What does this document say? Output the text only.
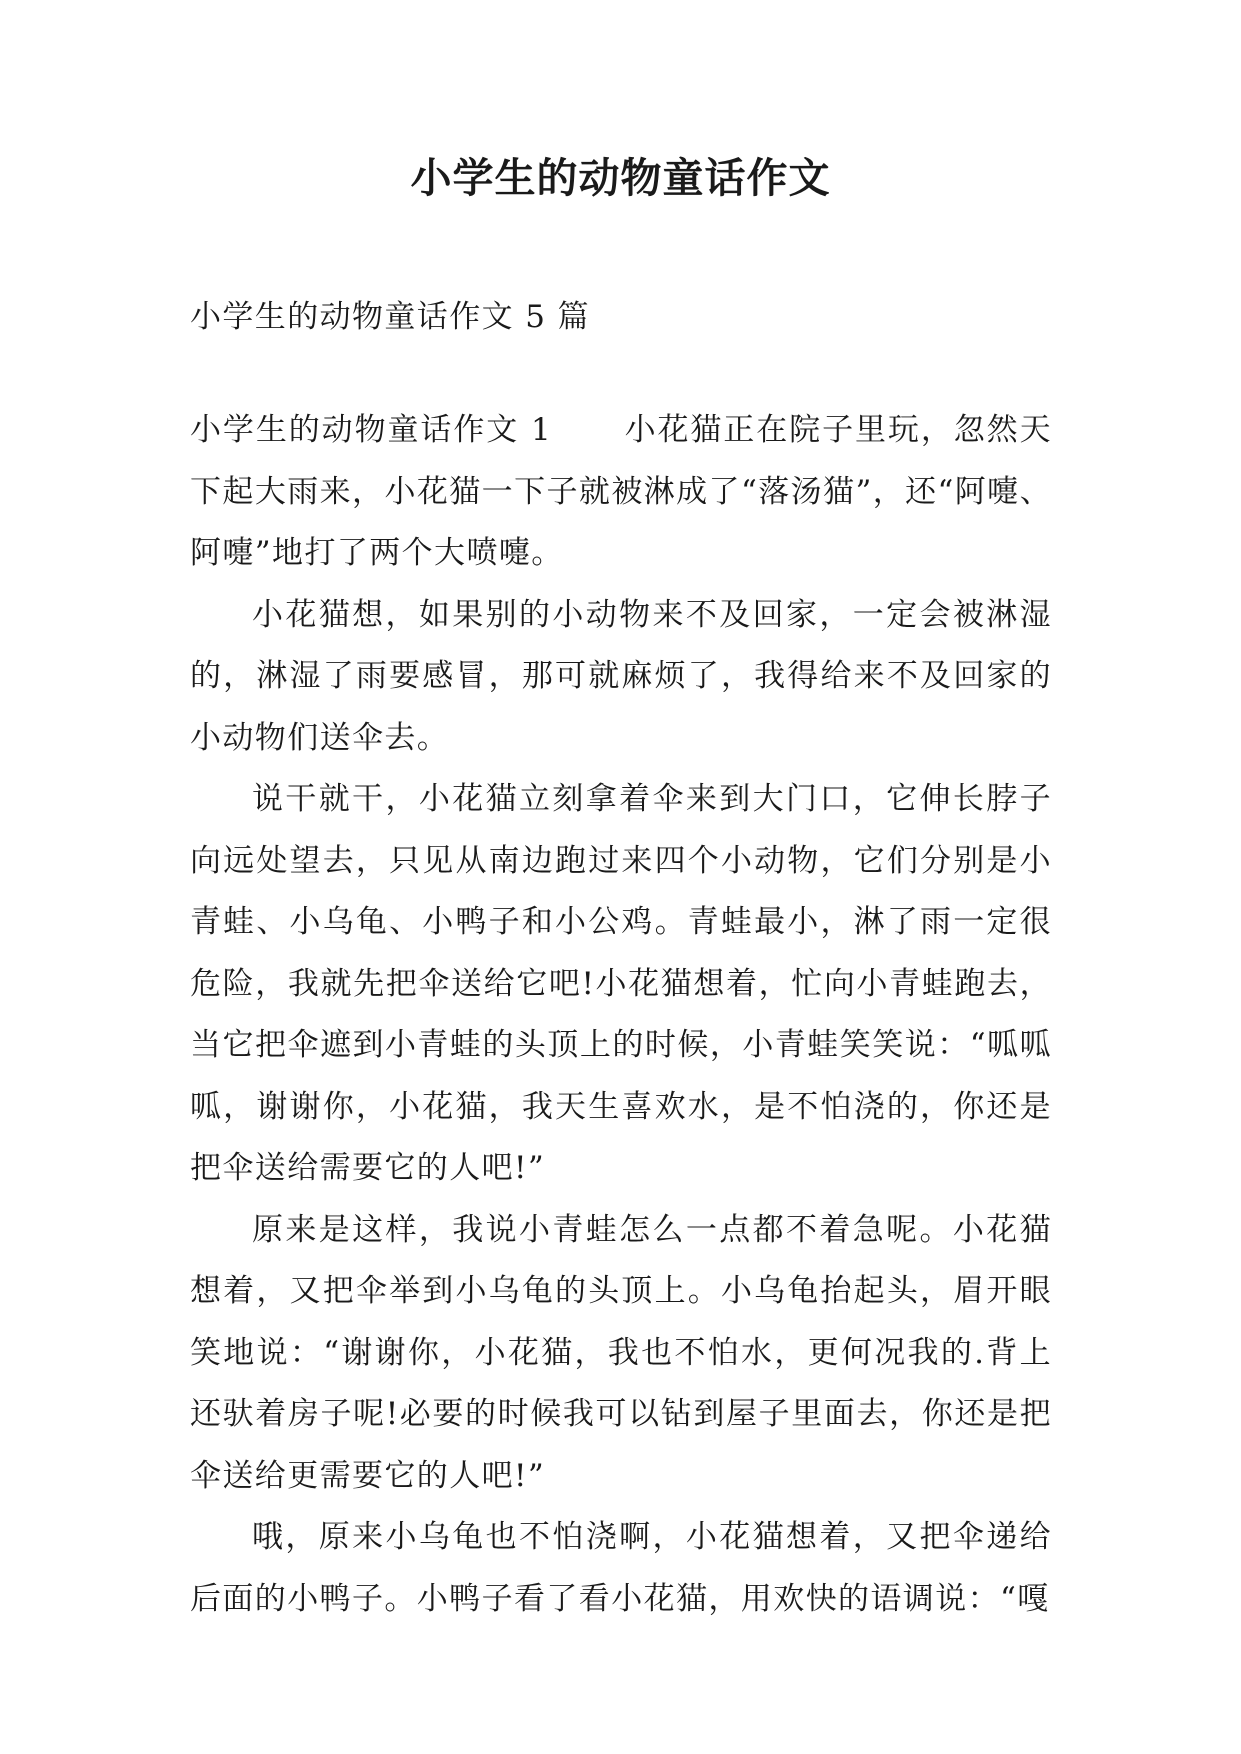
小学生的动物童话作文

小学生的动物童话作文 5 篇

小学生的动物童话作文 1 小花猫正在院子里玩，忽然天下起大雨来，小花猫一下子就被淋成了“落汤猫”，还“阿嚏、阿嚏”地打了两个大喷嚏。

小花猫想，如果别的小动物来不及回家，一定会被淋湿的，淋湿了雨要感冒，那可就麻烦了，我得给来不及回家的小动物们送伞去。

说干就干，小花猫立刻拿着伞来到大门口，它伸长脖子向远处望去，只见从南边跑过来四个小动物，它们分别是小青蛙、小乌龟、小鸭子和小公鸡。青蛙最小，淋了雨一定很危险，我就先把伞送给它吧!小花猫想着，忙向小青蛙跑去，当它把伞遮到小青蛙的头顶上的时候，小青蛙笑笑说：“呱呱呱，谢谢你，小花猫，我天生喜欢水，是不怕浇的，你还是把伞送给需要它的人吧!”

原来是这样，我说小青蛙怎么一点都不着急呢。小花猫想着，又把伞举到小乌龟的头顶上。小乌龟抬起头，眉开眼笑地说：“谢谢你，小花猫，我也不怕水，更何况我的.背上还驮着房子呢!必要的时候我可以钻到屋子里面去，你还是把伞送给更需要它的人吧!”

哦，原来小乌龟也不怕浇啊，小花猫想着，又把伞递给后面的小鸭子。小鸭子看了看小花猫，用欢快的语调说：“嘎
